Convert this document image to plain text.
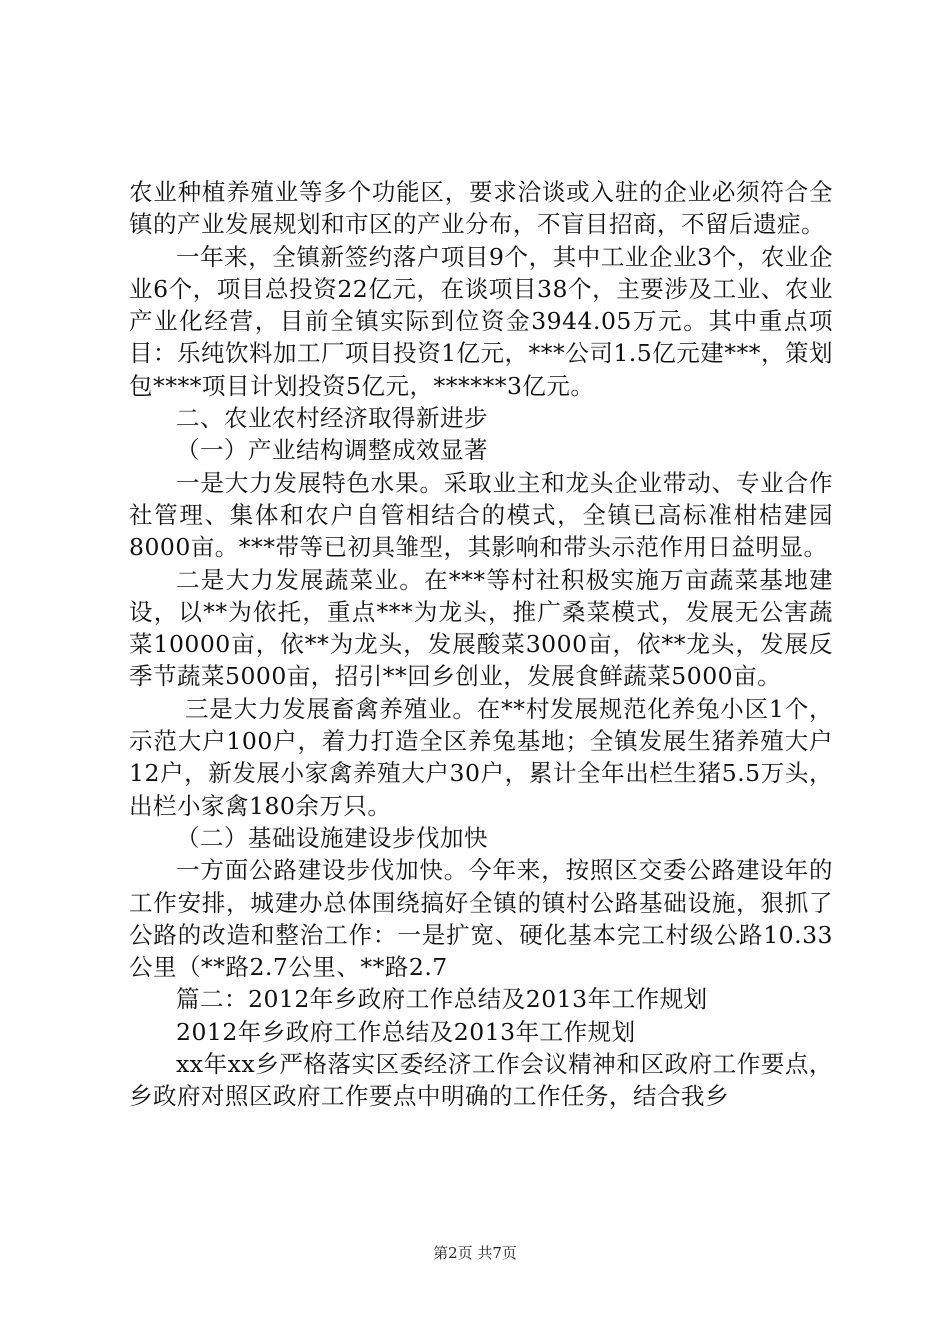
农业种植养殖业等多个功能区，要求洽谈或入驻的企业必须符合全镇的产业发展规划和市区的产业分布，不盲目招商，不留后遗症。

一年来，全镇新签约落户项目9个，其中工业企业3个，农业企业6个，项目总投资22亿元，在谈项目38个，主要涉及工业、农业产业化经营，目前全镇实际到位资金3944.05万元。其中重点项目：乐纯饮料加工厂项目投资1亿元，***公司1.5亿元建***，策划包****项目计划投资5亿元，******3亿元。

二、农业农村经济取得新进步

（一）产业结构调整成效显著

一是大力发展特色水果。采取业主和龙头企业带动、专业合作社管理、集体和农户自管相结合的模式，全镇已高标准柑桔建园8000亩。***带等已初具雏型，其影响和带头示范作用日益明显。

二是大力发展蔬菜业。在***等村社积极实施万亩蔬菜基地建设，以**为依托，重点***为龙头，推广桑菜模式，发展无公害蔬菜10000亩，依**为龙头，发展酸菜3000亩，依**龙头，发展反季节蔬菜5000亩，招引**回乡创业，发展食鲜蔬菜5000亩。

三是大力发展畜禽养殖业。在**村发展规范化养兔小区1个，示范大户100户，着力打造全区养兔基地；全镇发展生猪养殖大户12户，新发展小家禽养殖大户30户，累计全年出栏生猪5.5万头，出栏小家禽180余万只。

（二）基础设施建设步伐加快

一方面公路建设步伐加快。今年来，按照区交委公路建设年的工作安排，城建办总体围绕搞好全镇的镇村公路基础设施，狠抓了公路的改造和整治工作：一是扩宽、硬化基本完工村级公路10.33公里（**路2.7公里、**路2.7

篇二：2012年乡政府工作总结及2013年工作规划

2012年乡政府工作总结及2013年工作规划

xx年xx乡严格落实区委经济工作会议精神和区政府工作要点，乡政府对照区政府工作要点中明确的工作任务，结合我乡

第2页 共7页
